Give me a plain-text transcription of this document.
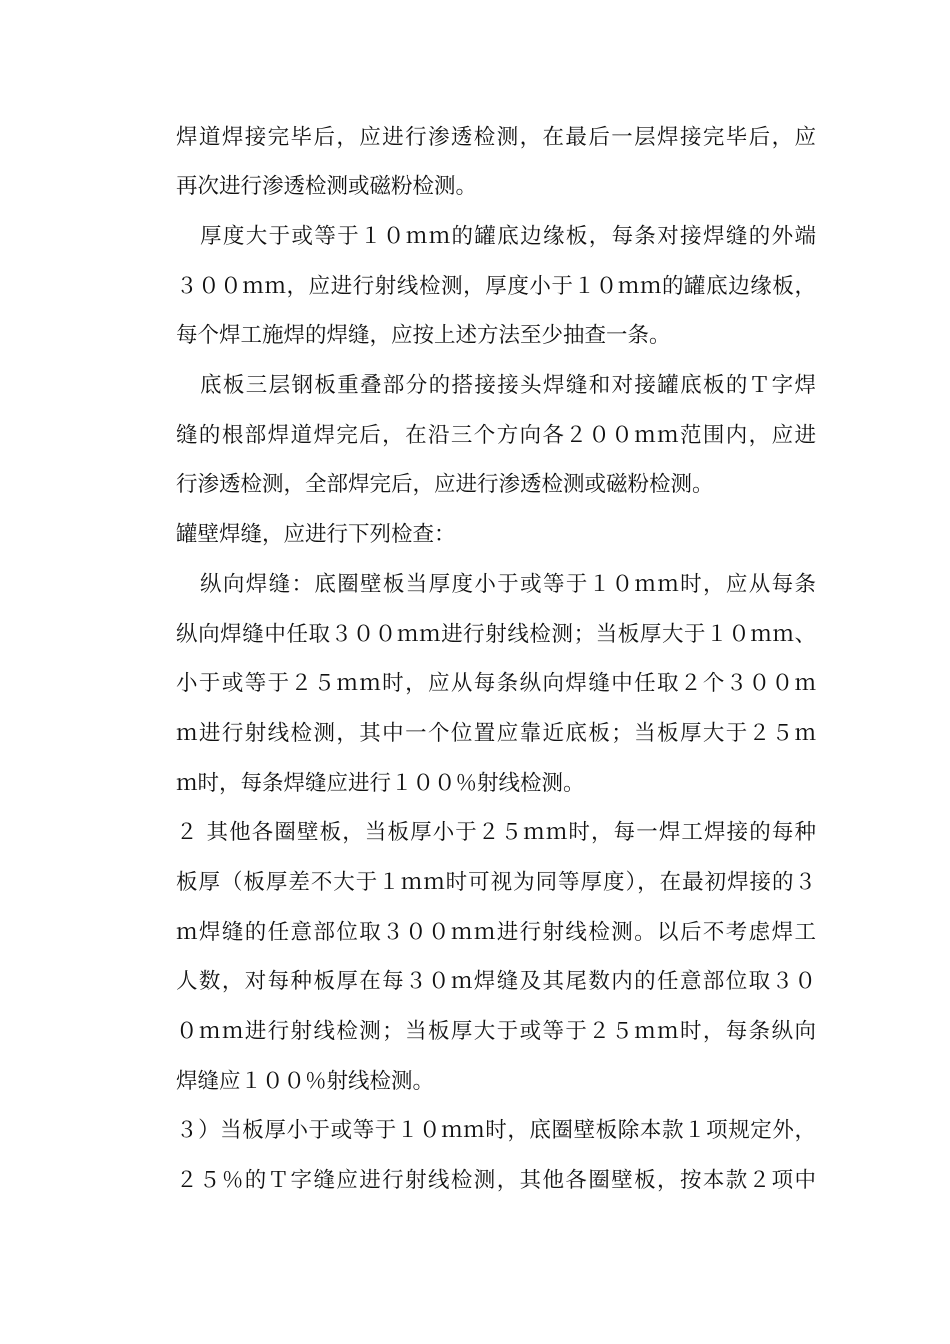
焊道焊接完毕后，应进行渗透检测，在最后一层焊接完毕后，应
再次进行渗透检测或磁粉检测。
厚度大于或等于１０ｍｍ的罐底边缘板，每条对接焊缝的外端
３００ｍｍ，应进行射线检测，厚度小于１０ｍｍ的罐底边缘板，
每个焊工施焊的焊缝，应按上述方法至少抽查一条。
底板三层钢板重叠部分的搭接接头焊缝和对接罐底板的Ｔ字焊
缝的根部焊道焊完后，在沿三个方向各２００ｍｍ范围内，应进
行渗透检测，全部焊完后，应进行渗透检测或磁粉检测。
罐壁焊缝，应进行下列检查：
纵向焊缝：底圈壁板当厚度小于或等于１０ｍｍ时，应从每条
纵向焊缝中任取３００ｍｍ进行射线检测；当板厚大于１０ｍｍ、
小于或等于２５ｍｍ时，应从每条纵向焊缝中任取２个３００ｍ
ｍ进行射线检测，其中一个位置应靠近底板；当板厚大于２５ｍ
ｍ时，每条焊缝应进行１００％射线检测。
２ 其他各圈壁板，当板厚小于２５ｍｍ时，每一焊工焊接的每种
板厚（板厚差不大于１ｍｍ时可视为同等厚度），在最初焊接的３
ｍ焊缝的任意部位取３００ｍｍ进行射线检测。以后不考虑焊工
人数，对每种板厚在每３０ｍ焊缝及其尾数内的任意部位取３０
０ｍｍ进行射线检测；当板厚大于或等于２５ｍｍ时，每条纵向
焊缝应１００％射线检测。
３）当板厚小于或等于１０ｍｍ时，底圈壁板除本款１项规定外，
２５％的Ｔ字缝应进行射线检测，其他各圈壁板，按本款２项中
